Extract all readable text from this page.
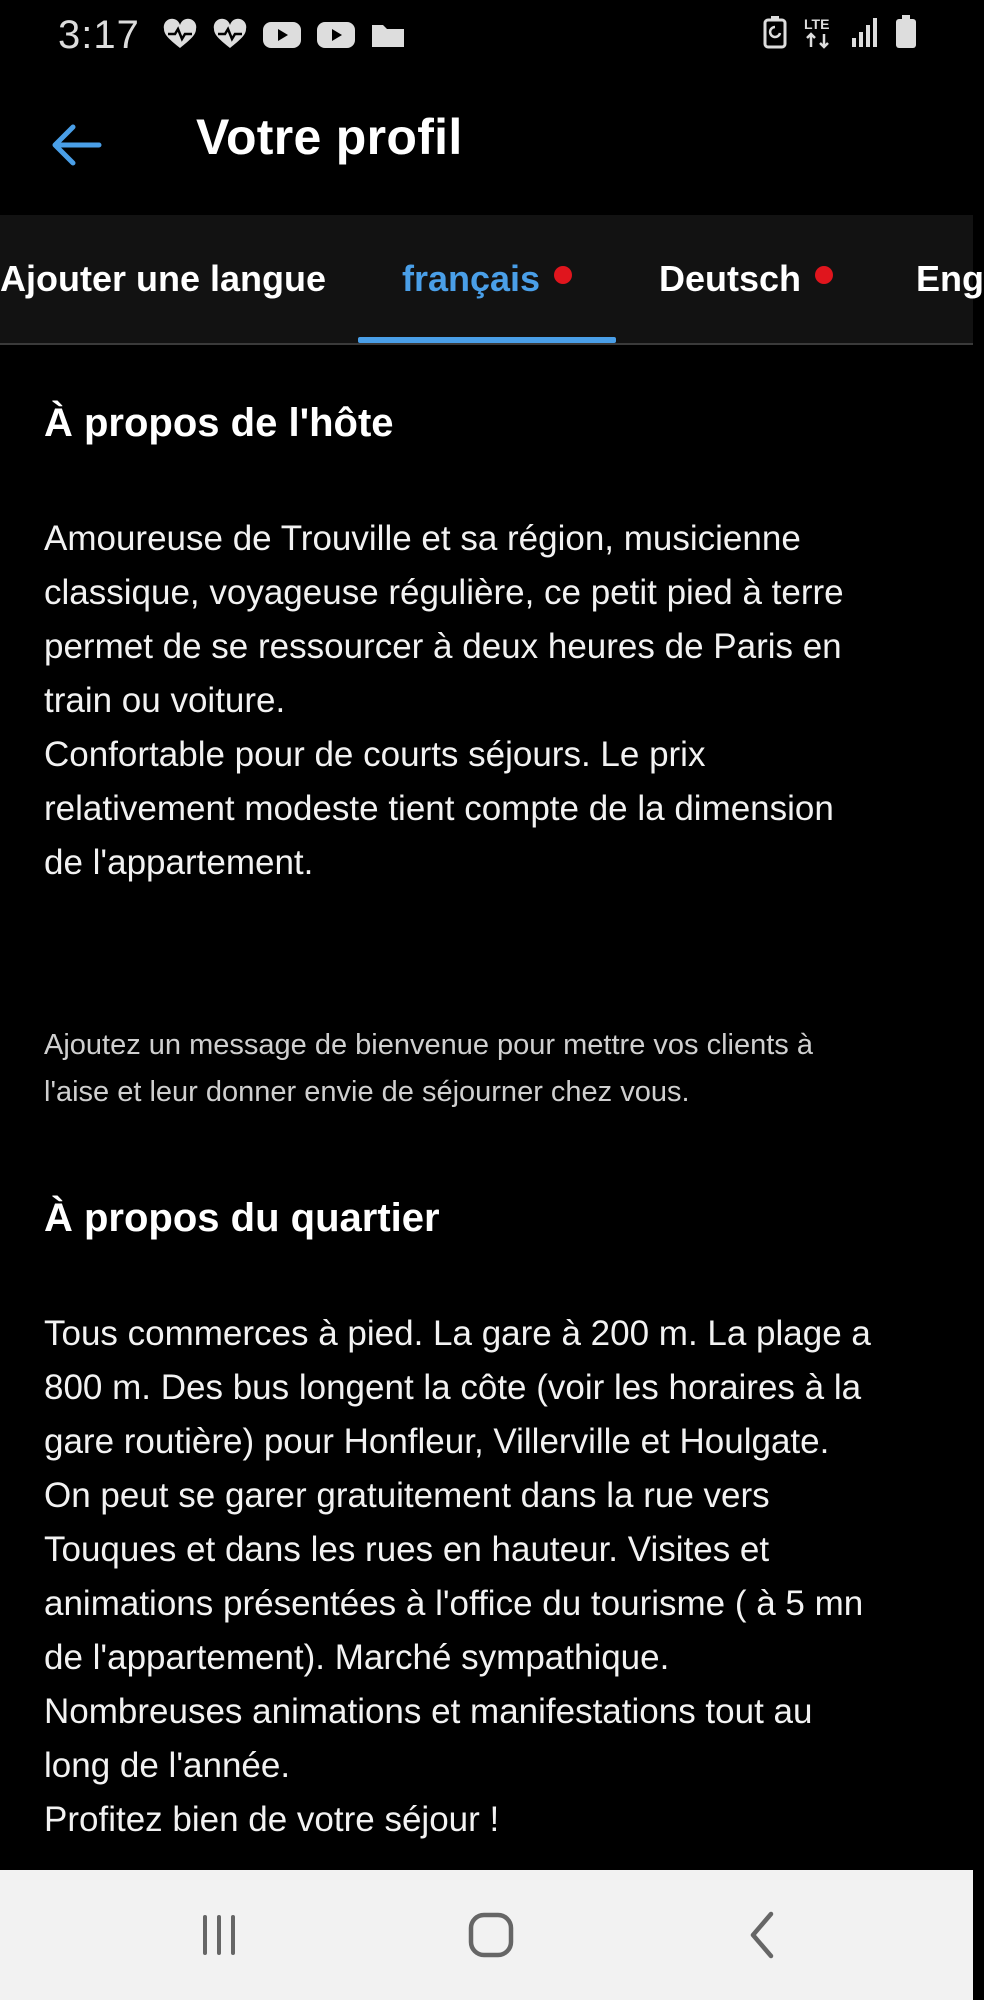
3:17	LTE
Votre profil
Ajouter une langue français	Deutsch	Eng
À propos de l'hôte
Amoureuse de Trouville et sa région, musicienne
classique, voyageuse régulière, ce petit pied à terre
permet de se ressourcer à deux heures de Paris en
train ou voiture.
Confortable pour de courts séjours. Le prix
relativement modeste tient compte de la dimension
de l'appartement.
Ajoutez un message de bienvenue pour mettre vos clients à
l'aise et leur donner envie de séjourner chez vous.
À propos du quartier
Tous commerces à pied. La gare à 200 m. La plage a
800 m. Des bus longent la côte (voir les horaires à la
gare routière) pour Honfleur, Villerville et Houlgate.
On peut se garer gratuitement dans la rue vers
Touques et dans les rues en hauteur. Visites et
animations présentées à l'office du tourisme ( à 5 mn
de l'appartement). Marché sympathique.
Nombreuses animations et manifestations tout au
long de l'année.
Profitez bien de votre séjour !
